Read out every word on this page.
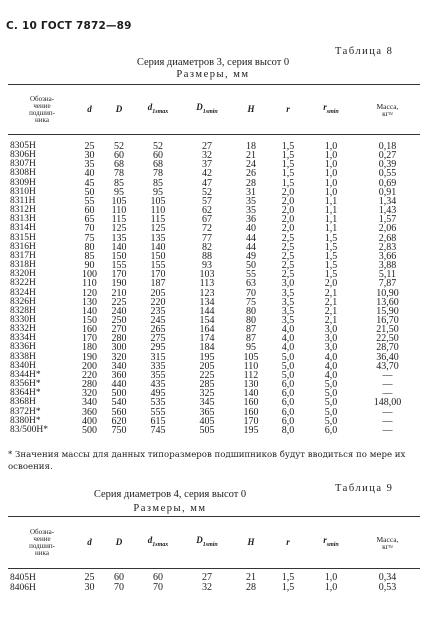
С. 10 ГОСТ 7872—89
Таблица 8
Серия диаметров 3, серия высот 0
Размеры, мм
Обозна-
чение
подшип-
ника	d	D	$d_{1smax}$	$D_{1smin}$	H	r	$r_{smin}$	Масса,
кг≈

8305H	25	52	52	27	18	1,5	1,0	0,18
8306H	30	60	60	32	21	1,5	1,0	0,27
8307H	35	68	68	37	24	1,5	1,0	0,39
8308H	40	78	78	42	26	1,5	1,0	0,55
8309H	45	85	85	47	28	1,5	1,0	0,69
8310H	50	95	95	52	31	2,0	1,0	0,91
8311H	55	105	105	57	35	2,0	1,1	1,34
8312H	60	110	110	62	35	2,0	1,1	1,43
8313H	65	115	115	67	36	2,0	1,1	1,57
8314H	70	125	125	72	40	2,0	1,1	2,06
8315H	75	135	135	77	44	2,5	1,5	2,68
8316H	80	140	140	82	44	2,5	1,5	2,83
8317H	85	150	150	88	49	2,5	1,5	3,66
8318H	90	155	155	93	50	2,5	1,5	3,88
8320H	100	170	170	103	55	2,5	1,5	5,11
8322H	110	190	187	113	63	3,0	2,0	7,87
8324H	120	210	205	123	70	3,5	2,1	10,90
8326H	130	225	220	134	75	3,5	2,1	13,60
8328H	140	240	235	144	80	3,5	2,1	15,90
8330H	150	250	245	154	80	3,5	2,1	16,70
8332H	160	270	265	164	87	4,0	3,0	21,50
8334H	170	280	275	174	87	4,0	3,0	22,50
8336H	180	300	295	184	95	4,0	3,0	28,70
8338H	190	320	315	195	105	5,0	4,0	36,40
8340H	200	340	335	205	110	5,0	4,0	43,70
8344H*	220	360	355	225	112	5,0	4,0	—
8356H*	280	440	435	285	130	6,0	5,0	—
8364H*	320	500	495	325	140	6,0	5,0	—
8368H	340	540	535	345	160	6,0	5,0	148,00
8372H*	360	560	555	365	160	6,0	5,0	—
8380H*	400	620	615	405	170	6,0	5,0	—
83/500H*	500	750	745	505	195	8,0	6,0	—
* Значения массы для данных типоразмеров подшипников будут вводиться по мере их освоения.
Серия диаметров 4, серия высот 0
Таблица 9
Размеры, мм
Обозна-
чение
подшип-
ника	d	D	$d_{1smax}$	$D_{1smin}$	H	r	$r_{smin}$	Масса,
кг≈

8405H	25	60	60	27	21	1,5	1,0	0,34
8406H	30	70	70	32	28	1,5	1,0	0,53
